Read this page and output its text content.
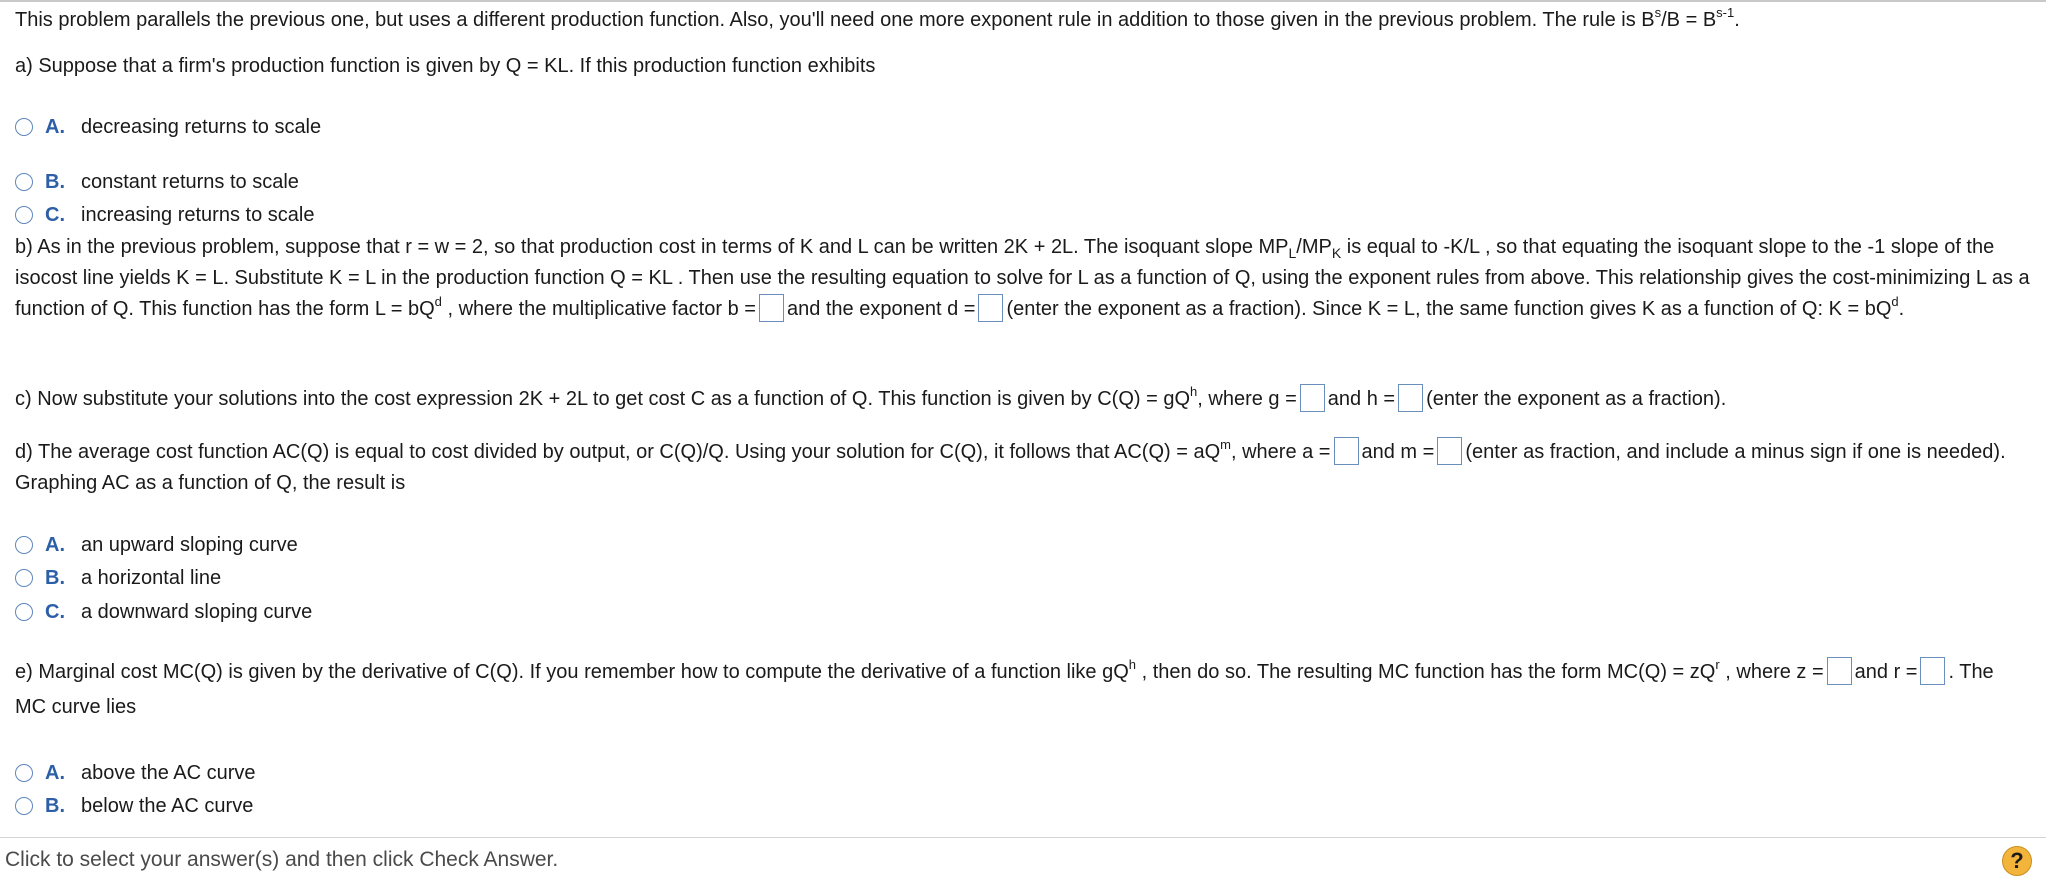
This problem parallels the previous one, but uses a different production function. Also, you'll need one more exponent rule in addition to those given in the previous problem. The rule is $B^s/B = B^{s-1}$.
a) Suppose that a firm's production function is given by Q = KL. If this production function exhibits
A. decreasing returns to scale
B. constant returns to scale
C. increasing returns to scale
b) As in the previous problem, suppose that r = w = 2, so that production cost in terms of K and L can be written 2K + 2L. The isoquant slope $MP_L/MP_K$ is equal to -K/L , so that equating the isoquant slope to the -1 slope of the isocost line yields K = L. Substitute K = L in the production function Q = KL . Then use the resulting equation to solve for L as a function of Q, using the exponent rules from above. This relationship gives the cost-minimizing L as a function of Q. This function has the form $L = bQ^d$ , where the multiplicative factor b = and the exponent d = (enter the exponent as a fraction). Since K = L, the same function gives K as a function of Q: $K = bQ^d$.
c) Now substitute your solutions into the cost expression 2K + 2L to get cost C as a function of Q. This function is given by $C(Q) = gQ^h$, where g = and h = (enter the exponent as a fraction).
d) The average cost function AC(Q) is equal to cost divided by output, or C(Q)/Q. Using your solution for C(Q), it follows that $AC(Q) = aQ^m$, where a = and m = (enter as fraction, and include a minus sign if one is needed). Graphing AC as a function of Q, the result is
A. an upward sloping curve
B. a horizontal line
C. a downward sloping curve
e) Marginal cost MC(Q) is given by the derivative of C(Q). If you remember how to compute the derivative of a function like $gQ^h$ , then do so. The resulting MC function has the form $MC(Q) = zQ^r$ , where z = and r = . The MC curve lies
A. above the AC curve
B. below the AC curve
Click to select your answer(s) and then click Check Answer.	?
